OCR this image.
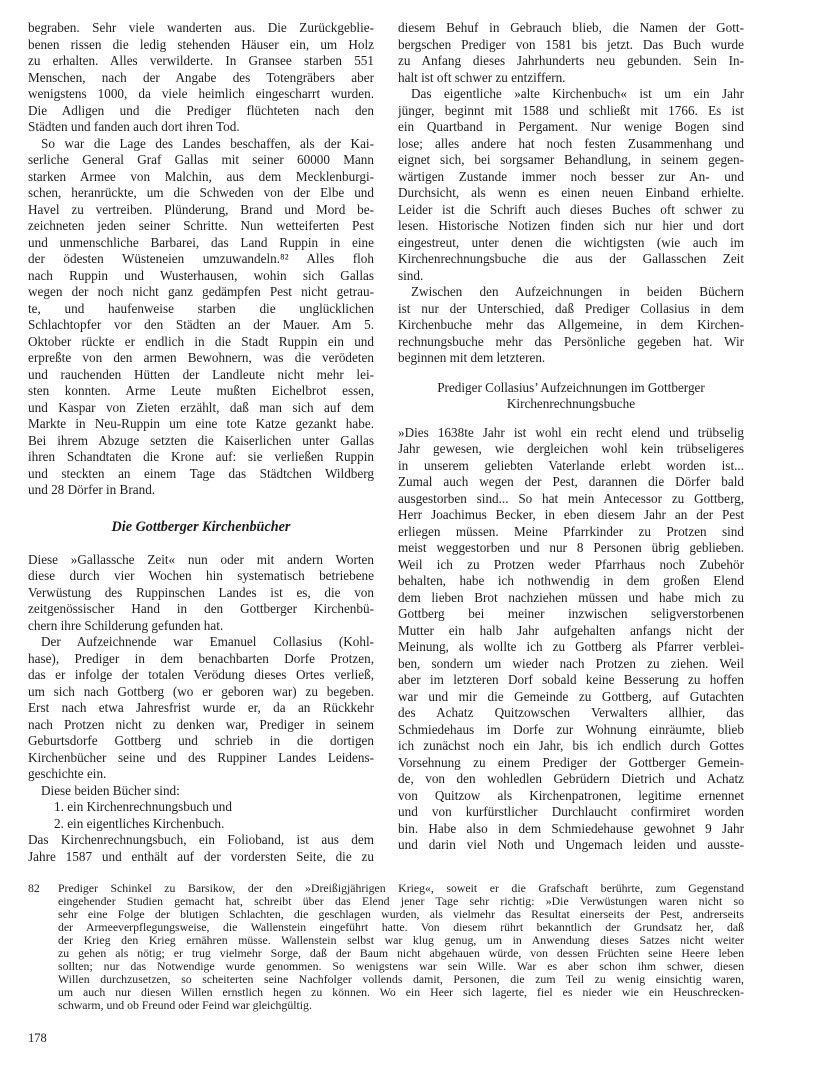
begraben. Sehr viele wanderten aus. Die Zurückgeblie-
benen rissen die ledig stehenden Häuser ein, um Holz
zu erhalten. Alles verwilderte. In Gransee starben 551
Menschen, nach der Angabe des Totengräbers aber
wenigstens 1000, da viele heimlich eingescharrt wurden.
Die Adligen und die Prediger flüchteten nach den
Städten und fanden auch dort ihren Tod.
So war die Lage des Landes beschaffen, als der Kai-
serliche General Graf Gallas mit seiner 60000 Mann
starken Armee von Malchin, aus dem Mecklenburgi-
schen, heranrückte, um die Schweden von der Elbe und
Havel zu vertreiben. Plünderung, Brand und Mord be-
zeichneten jeden seiner Schritte. Nun wetteiferten Pest
und unmenschliche Barbarei, das Land Ruppin in eine
der ödesten Wüsteneien umzuwandeln.⁸² Alles floh
nach Ruppin und Wusterhausen, wohin sich Gallas
wegen der noch nicht ganz gedämpfen Pest nicht getrau-
te, und haufenweise starben die unglücklichen
Schlachtopfer vor den Städten an der Mauer. Am 5.
Oktober rückte er endlich in die Stadt Ruppin ein und
erpreßte von den armen Bewohnern, was die verödeten
und rauchenden Hütten der Landleute nicht mehr lei-
sten konnten. Arme Leute mußten Eichelbrot essen,
und Kaspar von Zieten erzählt, daß man sich auf dem
Markte in Neu-Ruppin um eine tote Katze gezankt habe.
Bei ihrem Abzuge setzten die Kaiserlichen unter Gallas
ihren Schandtaten die Krone auf: sie verließen Ruppin
und steckten an einem Tage das Städtchen Wildberg
und 28 Dörfer in Brand.
Die Gottberger Kirchenbücher
Diese »Gallassche Zeit« nun oder mit andern Worten
diese durch vier Wochen hin systematisch betriebene
Verwüstung des Ruppinschen Landes ist es, die von
zeitgenössischer Hand in den Gottberger Kirchenbü-
chern ihre Schilderung gefunden hat.
Der Aufzeichnende war Emanuel Collasius (Kohl-
hase), Prediger in dem benachbarten Dorfe Protzen,
das er infolge der totalen Verödung dieses Ortes verließ,
um sich nach Gottberg (wo er geboren war) zu begeben.
Erst nach etwa Jahresfrist wurde er, da an Rückkehr
nach Protzen nicht zu denken war, Prediger in seinem
Geburtsdorfe Gottberg und schrieb in die dortigen
Kirchenbücher seine und des Ruppiner Landes Leidens-
geschichte ein.
Diese beiden Bücher sind:
1. ein Kirchenrechnungsbuch und
2. ein eigentliches Kirchenbuch.
Das Kirchenrechnungsbuch, ein Folioband, ist aus dem
Jahre 1587 und enthält auf der vordersten Seite, die zu
diesem Behuf in Gebrauch blieb, die Namen der Gott-
bergschen Prediger von 1581 bis jetzt. Das Buch wurde
zu Anfang dieses Jahrhunderts neu gebunden. Sein In-
halt ist oft schwer zu entziffern.
Das eigentliche »alte Kirchenbuch« ist um ein Jahr
jünger, beginnt mit 1588 und schließt mit 1766. Es ist
ein Quartband in Pergament. Nur wenige Bogen sind
lose; alles andere hat noch festen Zusammenhang und
eignet sich, bei sorgsamer Behandlung, in seinem gegen-
wärtigen Zustande immer noch besser zur An- und
Durchsicht, als wenn es einen neuen Einband erhielte.
Leider ist die Schrift auch dieses Buches oft schwer zu
lesen. Historische Notizen finden sich nur hier und dort
eingestreut, unter denen die wichtigsten (wie auch im
Kirchenrechnungsbuche die aus der Gallasschen Zeit
sind.
Zwischen den Aufzeichnungen in beiden Büchern
ist nur der Unterschied, daß Prediger Collasius in dem
Kirchenbuche mehr das Allgemeine, in dem Kirchen-
rechnungsbuche mehr das Persönliche gegeben hat. Wir
beginnen mit dem letzteren.
Prediger Collasius’ Aufzeichnungen im Gottberger
Kirchenrechnungsbuche
»Dies 1638te Jahr ist wohl ein recht elend und trübselig
Jahr gewesen, wie dergleichen wohl kein trübseligeres
in unserem geliebten Vaterlande erlebt worden ist...
Zumal auch wegen der Pest, darannen die Dörfer bald
ausgestorben sind... So hat mein Antecessor zu Gottberg,
Herr Joachimus Becker, in eben diesem Jahr an der Pest
erliegen müssen. Meine Pfarrkinder zu Protzen sind
meist weggestorben und nur 8 Personen übrig geblieben.
Weil ich zu Protzen weder Pfarrhaus noch Zubehör
behalten, habe ich nothwendig in dem großen Elend
dem lieben Brot nachziehen müssen und habe mich zu
Gottberg bei meiner inzwischen seligverstorbenen
Mutter ein halb Jahr aufgehalten anfangs nicht der
Meinung, als wollte ich zu Gottberg als Pfarrer verblei-
ben, sondern um wieder nach Protzen zu ziehen. Weil
aber im letzteren Dorf sobald keine Besserung zu hoffen
war und mir die Gemeinde zu Gottberg, auf Gutachten
des Achatz Quitzowschen Verwalters allhier, das
Schmiedehaus im Dorfe zur Wohnung einräumte, blieb
ich zunächst noch ein Jahr, bis ich endlich durch Gottes
Vorsehnung zu einem Prediger der Gottberger Gemein-
de, von den wohledlen Gebrüdern Dietrich und Achatz
von Quitzow als Kirchenpatronen, legitime ernennet
und von kurfürstlicher Durchlaucht confirmiret worden
bin. Habe also in dem Schmiedehause gewohnet 9 Jahr
und darin viel Noth und Ungemach leiden und ausste-
82	Prediger Schinkel zu Barsikow, der den »Dreißigjährigen Krieg«, soweit er die Grafschaft berührte, zum Gegenstand
eingehender Studien gemacht hat, schreibt über das Elend jener Tage sehr richtig: »Die Verwüstungen waren nicht so
sehr eine Folge der blutigen Schlachten, die geschlagen wurden, als vielmehr das Resultat einerseits der Pest, andrerseits
der Armeeverpflegungsweise, die Wallenstein eingeführt hatte. Von diesem rührt bekanntlich der Grundsatz her, daß
der Krieg den Krieg ernähren müsse. Wallenstein selbst war klug genug, um in Anwendung dieses Satzes nicht weiter
zu gehen als nötig; er trug vielmehr Sorge, daß der Baum nicht abgehauen würde, von dessen Früchten seine Heere leben
sollten; nur das Notwendige wurde genommen. So wenigstens war sein Wille. War es aber schon ihm schwer, diesen
Willen durchzusetzen, so scheiterten seine Nachfolger vollends damit, Personen, die zum Teil zu wenig einsichtig waren,
um auch nur diesen Willen ernstlich hegen zu können. Wo ein Heer sich lagerte, fiel es nieder wie ein Heuschrecken-
schwarm, und ob Freund oder Feind war gleichgültig.
178
